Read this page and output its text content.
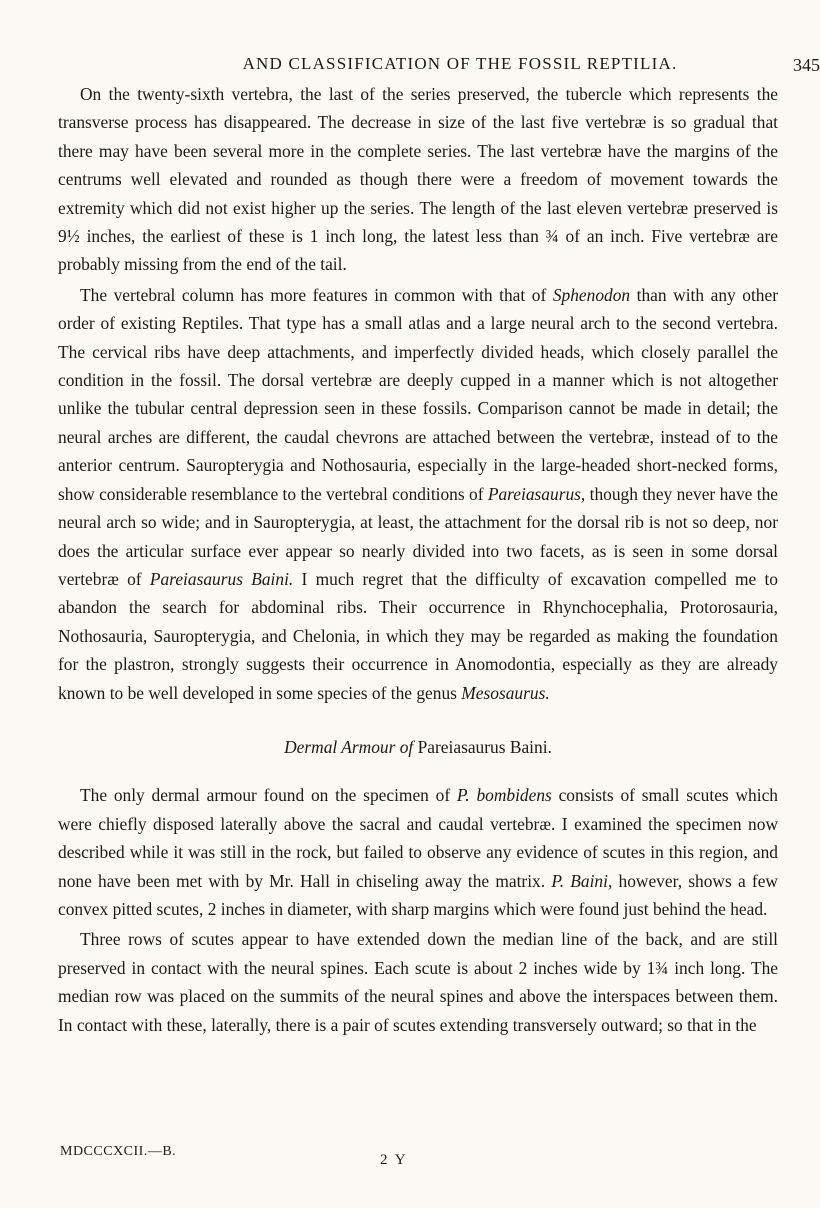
AND CLASSIFICATION OF THE FOSSIL REPTILIA.	345

On the twenty-sixth vertebra, the last of the series preserved, the tubercle which represents the transverse process has disappeared. The decrease in size of the last five vertebræ is so gradual that there may have been several more in the complete series. The last vertebræ have the margins of the centrums well elevated and rounded as though there were a freedom of movement towards the extremity which did not exist higher up the series. The length of the last eleven vertebræ preserved is 9½ inches, the earliest of these is 1 inch long, the latest less than ¾ of an inch. Five vertebræ are probably missing from the end of the tail.

The vertebral column has more features in common with that of Sphenodon than with any other order of existing Reptiles. That type has a small atlas and a large neural arch to the second vertebra. The cervical ribs have deep attachments, and imperfectly divided heads, which closely parallel the condition in the fossil. The dorsal vertebræ are deeply cupped in a manner which is not altogether unlike the tubular central depression seen in these fossils. Comparison cannot be made in detail; the neural arches are different, the caudal chevrons are attached between the vertebræ, instead of to the anterior centrum. Sauropterygia and Nothosauria, especially in the large-headed short-necked forms, show considerable resemblance to the vertebral conditions of Pareiasaurus, though they never have the neural arch so wide; and in Sauropterygia, at least, the attachment for the dorsal rib is not so deep, nor does the articular surface ever appear so nearly divided into two facets, as is seen in some dorsal vertebræ of Pareiasaurus Baini. I much regret that the difficulty of excavation compelled me to abandon the search for abdominal ribs. Their occurrence in Rhynchocephalia, Protorosauria, Nothosauria, Sauropterygia, and Chelonia, in which they may be regarded as making the foundation for the plastron, strongly suggests their occurrence in Anomodontia, especially as they are already known to be well developed in some species of the genus Mesosaurus.

Dermal Armour of Pareiasaurus Baini.

The only dermal armour found on the specimen of P. bombidens consists of small scutes which were chiefly disposed laterally above the sacral and caudal vertebræ. I examined the specimen now described while it was still in the rock, but failed to observe any evidence of scutes in this region, and none have been met with by Mr. Hall in chiseling away the matrix. P. Baini, however, shows a few convex pitted scutes, 2 inches in diameter, with sharp margins which were found just behind the head.

Three rows of scutes appear to have extended down the median line of the back, and are still preserved in contact with the neural spines. Each scute is about 2 inches wide by 1¾ inch long. The median row was placed on the summits of the neural spines and above the interspaces between them. In contact with these, laterally, there is a pair of scutes extending transversely outward; so that in the

MDCCCXCII.—B.
2 Y
